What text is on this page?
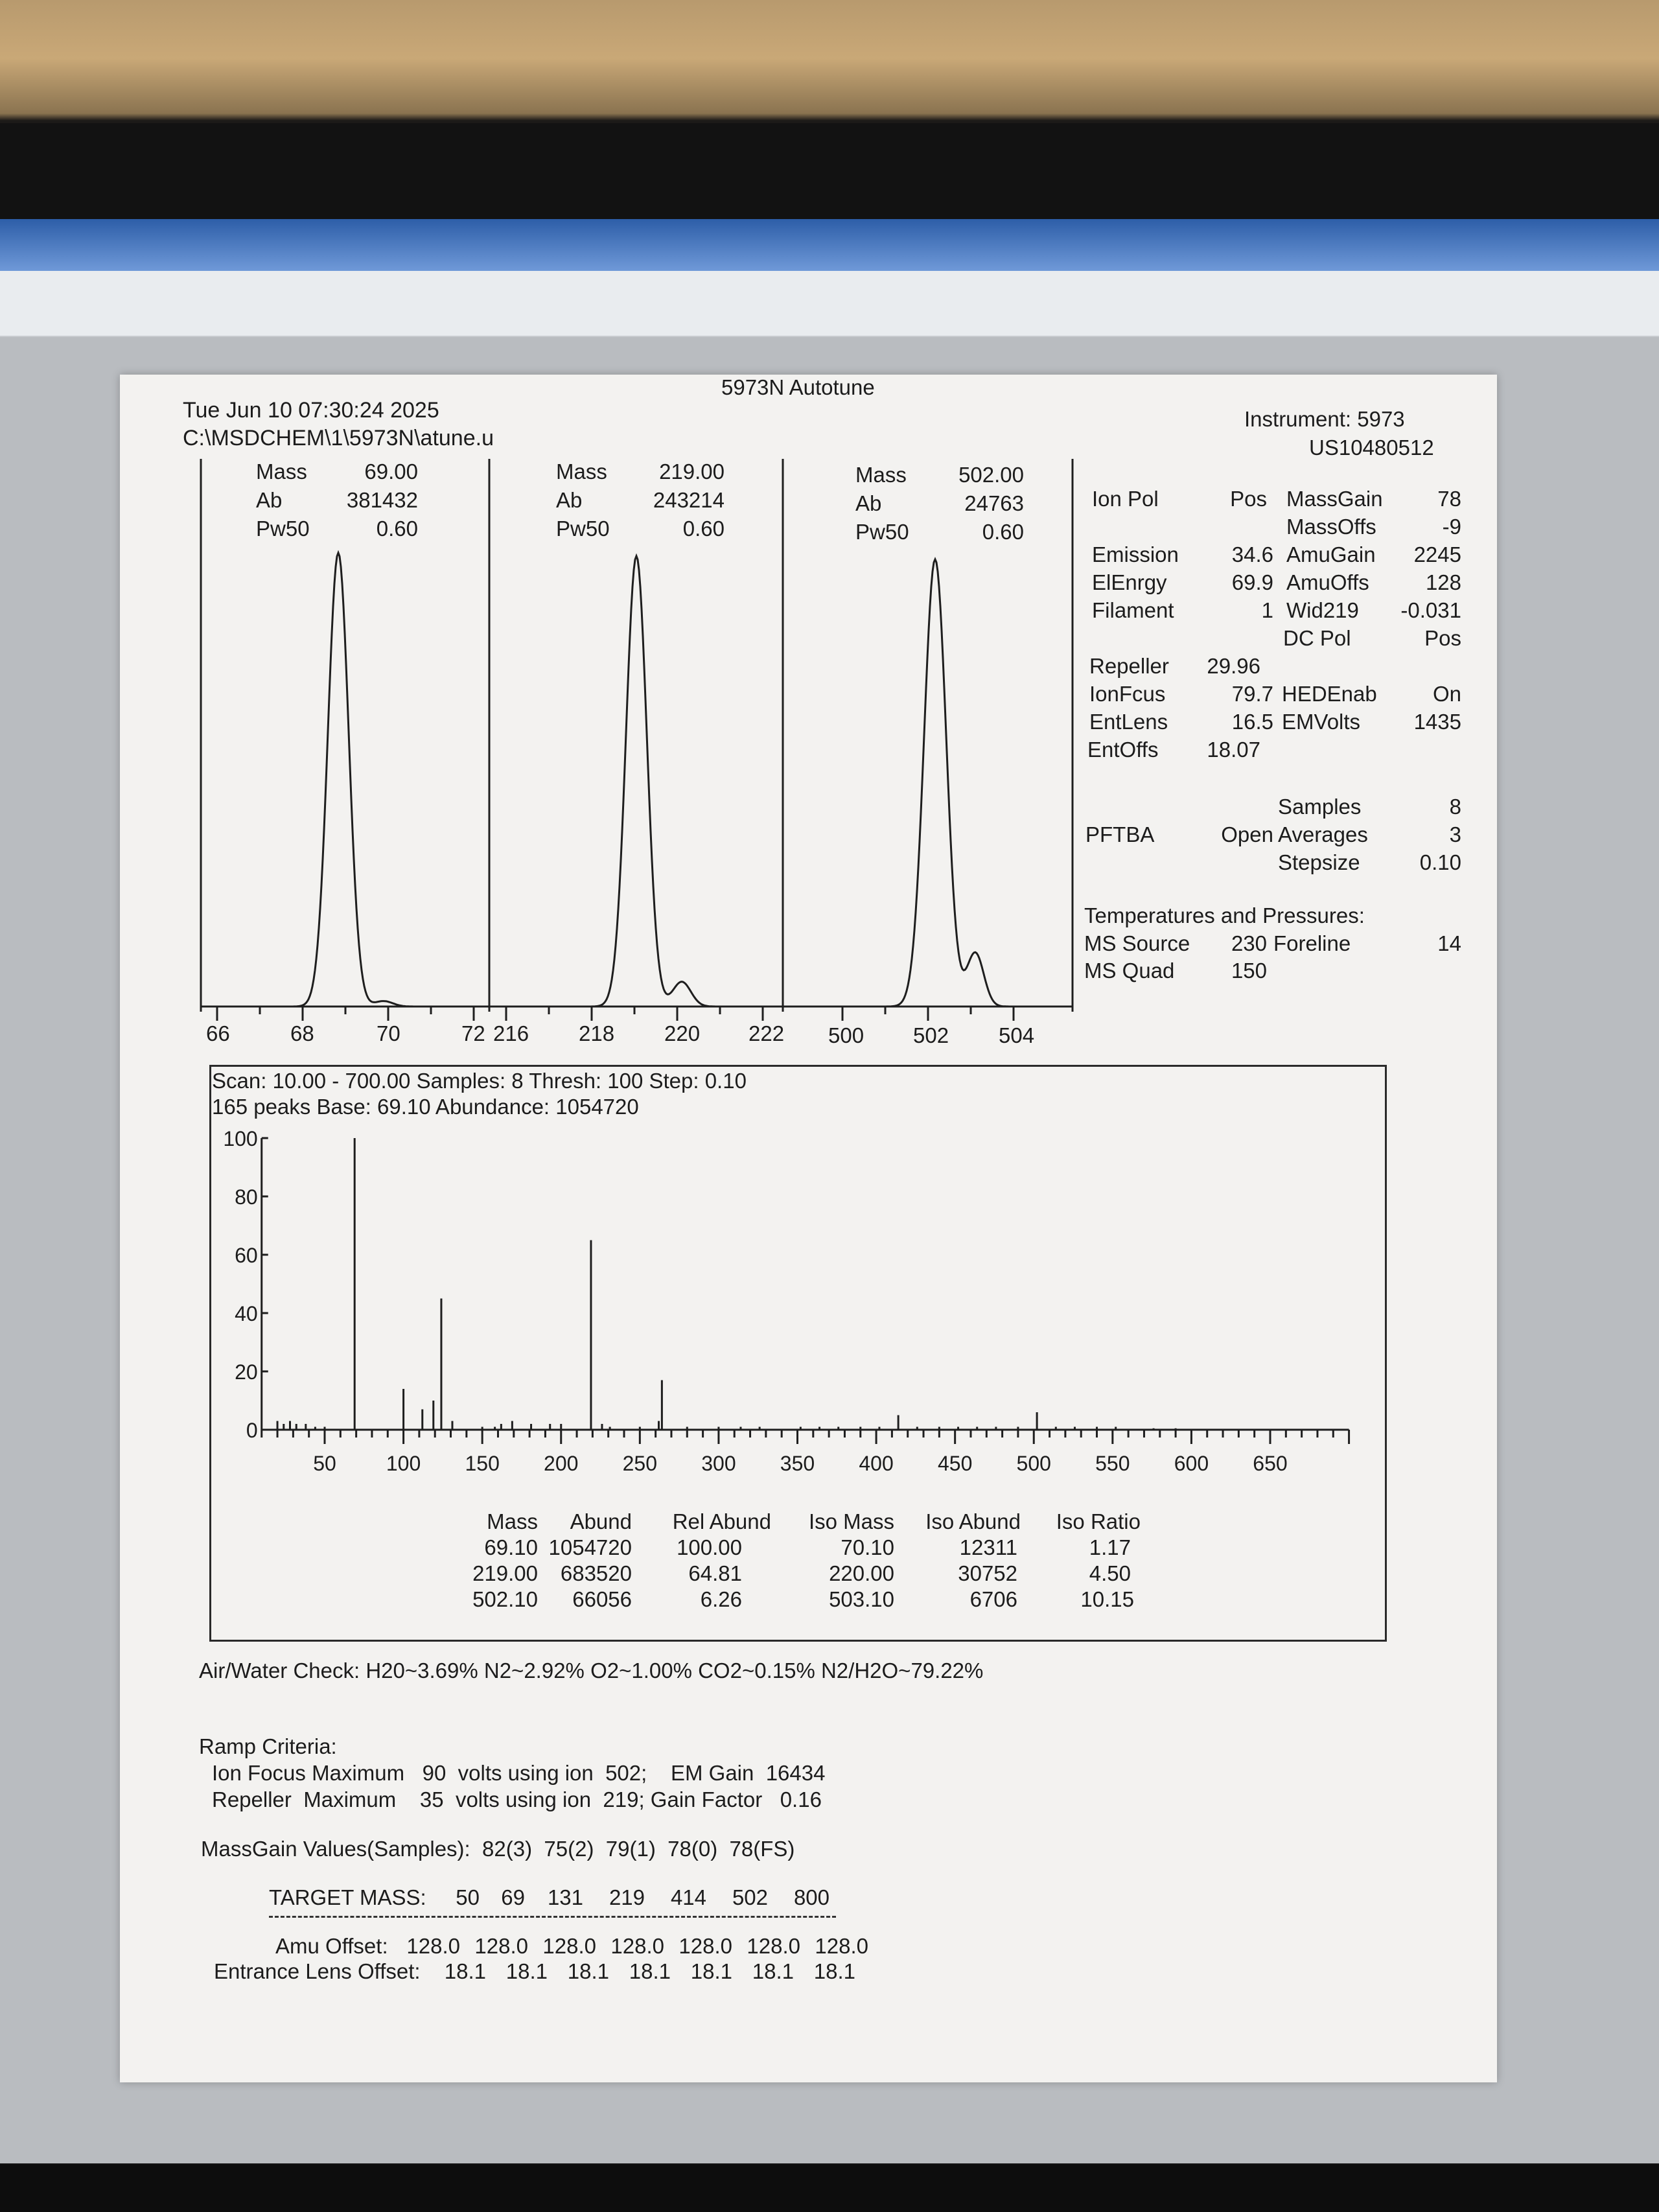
5973N Autotune
Tue Jun 10 07:30:24 2025
C:\MSDCHEM\1\5973N\atune.u
Instrument: 5973
US10480512
Mass	69.00
Ab	381432
Pw50	0.60
Mass 219.00
Ab	243214
Pw50	0.60
Mass 502.00
Ab	24763
Pw50	0.60
66	68	70	72 216 218 220 222 500 502 504
Ion Pol	Pos MassGain	78
MassOffs	-9
Emission	34.6 AmuGain	2245
ElEnrgy	69.9 AmuOffs	128
Filament	1 Wid219	-0.031
DC Pol	Pos
Repeller	29.96
IonFcus	79.7 HEDEnab	On
EntLens	16.5 EMVolts	1435
EntOffs	18.07
Samples	8
PFTBA	Open Averages	3
Stepsize	0.10
Temperatures and Pressures:
MS Source	230 Foreline	14
MS Quad	150
Scan: 10.00 - 700.00 Samples: 8 Thresh: 100 Step: 0.10
165 peaks Base: 69.10 Abundance: 1054720
100
80
60
40
20
0
50 100 150 200 250 300 350 400 450 500 550 600 650
Mass	Abund	Rel Abund	Iso Mass	Iso Abund	Iso Ratio
69.10 1054720	100.00	70.10	12311	1.17
219.00	683520	64.81	220.00	30752	4.50
502.10	66056	6.26	503.10	6706	10.15
Air/Water Check: H20~3.69% N2~2.92% O2~1.00% CO2~0.15% N2/H2O~79.22%
Ramp Criteria:
Ion Focus Maximum   90  volts using ion  502;    EM Gain  16434
Repeller  Maximum    35  volts using ion  219; Gain Factor   0.16
MassGain Values(Samples):  82(3)  75(2)  79(1)  78(0)  78(FS)
TARGET MASS:	50	69	131	219	414	502	800
Amu Offset: 128.0 128.0 128.0 128.0 128.0 128.0 128.0
Entrance Lens Offset:	18.1 18.1 18.1 18.1 18.1 18.1 18.1
